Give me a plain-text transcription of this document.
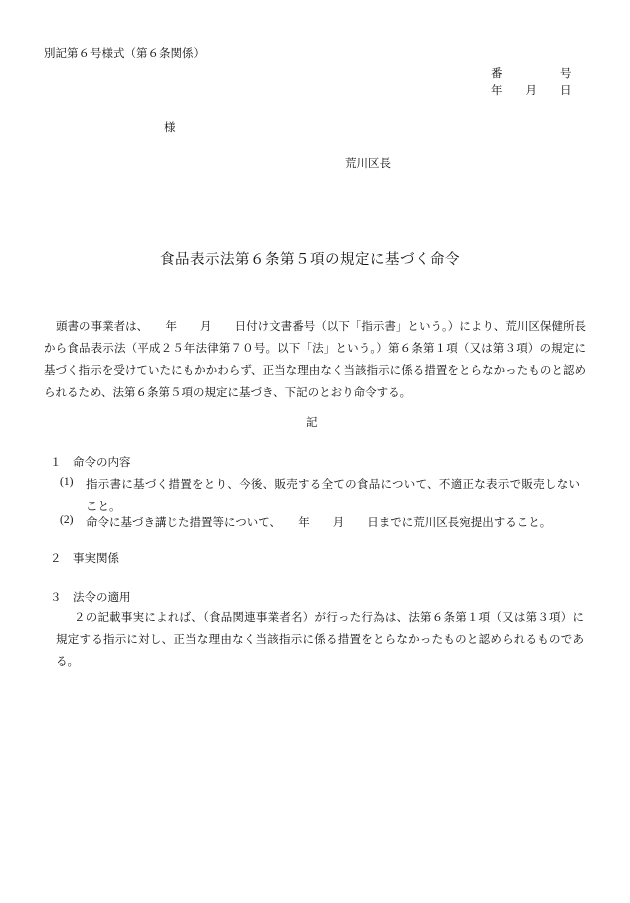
別記第６号様式（第６条関係）
番　　　　　号
年　　月　　日
様
荒川区長
食品表示法第６条第５項の規定に基づく命令
頭書の事業者は、　　年　　月　　日付け文書番号（以下「指示書」という。）により、荒川区保健所長から食品表示法（平成２５年法律第７０号。以下「法」という。）第６条第１項（又は第３項）の規定に基づく指示を受けていたにもかかわらず、正当な理由なく当該指示に係る措置をとらなかったものと認められるため、法第６条第５項の規定に基づき、下記のとおり命令する。
記
１　命令の内容
(1)	指示書に基づく措置をとり、今後、販売する全ての食品について、不適正な表示で販売しないこと。
(2)	命令に基づき講じた措置等について、　　年　　月　　日までに荒川区長宛提出すること。
２　事実関係
３　法令の適用
２の記載事実によれば、（食品関連事業者名）が行った行為は、法第６条第１項（又は第３項）に規定する指示に対し、正当な理由なく当該指示に係る措置をとらなかったものと認められるものである。
